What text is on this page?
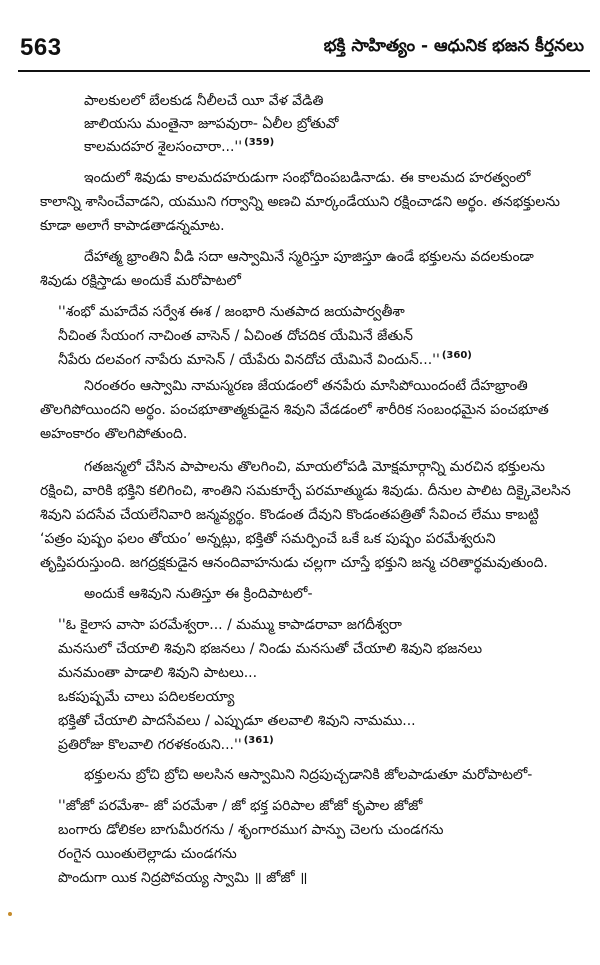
563	భక్తి సాహిత్యం - ఆధునిక భజన కీర్తనలు
పాలకులలో బేలకుడ నీలీలచే యీ వేళ వేడితి
జాలియసు మంతైనా జూపవురా- ఏలీల బ్రోతువో
కాలమదహర శైలసంచారా...'' $^{(359)}$
ఇందులో శివుడు కాలమదహరుడుగా సంభోదింపబడినాడు. ఈ కాలమద హరత్వంలో
కాలాన్ని శాసించేవాడని, యముని గర్వాన్ని అణచి మార్కండేయుని రక్షించాడని అర్థం. తనభక్తులను
కూడా అలాగే కాపాడతాడన్నమాట.
దేహాత్మ భ్రాంతిని వీడి సదా ఆస్వామినే స్మరిస్తూ పూజిస్తూ ఉండే భక్తులను వదలకుండా
శివుడు రక్షిస్తాడు అందుకే మరోపాటలో
''శంభో మహదేవ సర్వేశ ఈశ / జంభారి నుతపాద జయపార్వతీశా
నీచింత సేయంగ నాచింత వాసెన్ / ఏచింత దోచదిక యేమినే జేతున్
నీపేరు దలవంగ నాపేరు మాసెన్ / యేపేరు వినదోచ యేమినే విందున్...'' $^{(360)}$
నిరంతరం ఆస్వామి నామస్మరణ జేయడంలో తనపేరు మాసిపోయిందంటే దేహభ్రాంతి
తొలగిపోయిందని అర్థం. పంచభూతాత్మకుడైన శివుని వేడడంలో శారీరిక సంబంధమైన పంచభూత
అహంకారం తొలగిపోతుంది.
గతజన్మలో చేసిన పాపాలను తొలగించి, మాయలోపడి మోక్షమార్గాన్ని మరచిన భక్తులను
రక్షించి, వారికి భక్తిని కలిగించి, శాంతిని సమకూర్చే పరమాత్ముడు శివుడు. దీనుల పాలిట దిక్కైవెలసిన
శివుని పదసేవ చేయలేనివారి జన్మవ్యర్థం. కొండంత దేవుని కొండంతపత్రితో సేవించ లేము కాబట్టి
‘పత్రం పుష్పం ఫలం తోయం’ అన్నట్లు, భక్తితో సమర్పించే ఒకే ఒక పుష్పం పరమేశ్వరుని
తృప్తిపరుస్తుంది. జగద్రక్షకుడైన ఆనందివాహనుడు చల్లగా చూస్తే భక్తుని జన్మ చరితార్థమవుతుంది.
అందుకే ఆశివుని నుతిస్తూ ఈ క్రిందిపాటలో-
''ఓ కైలాస వాసా పరమేశ్వరా... / మమ్ము కాపాడరావా జగదీశ్వరా
మనసులో చేయాలి శివుని భజనలు / నిండు మనసుతో చేయాలి శివుని భజనలు
మనమంతా పాడాలి శివుని పాటలు...
ఒకపుష్పమే చాలు పదిలకలయ్యా
భక్తితో చేయాలి పాదసేవలు / ఎప్పుడూ తలవాలి శివుని నామము...
ప్రతిరోజు కొలవాలి గరళకంఠుని...'' $^{(361)}$
భక్తులను బ్రోచి బ్రోచి అలసిన ఆస్వామిని నిద్రపుచ్చడానికి జోలపాడుతూ మరోపాటలో-
''జోజో పరమేశా- జో పరమేశా / జో భక్త పరిపాల జోజో కృపాల జోజో
బంగారు డోలికల బాగుమీరగను / శృంగారముగ పాన్పు చెలగు చుండగను
రంగైన యింతులెల్లాడు చుండగను
పొందుగా యిక నిద్రపోవయ్య స్వామి ॥ జోజో ॥
